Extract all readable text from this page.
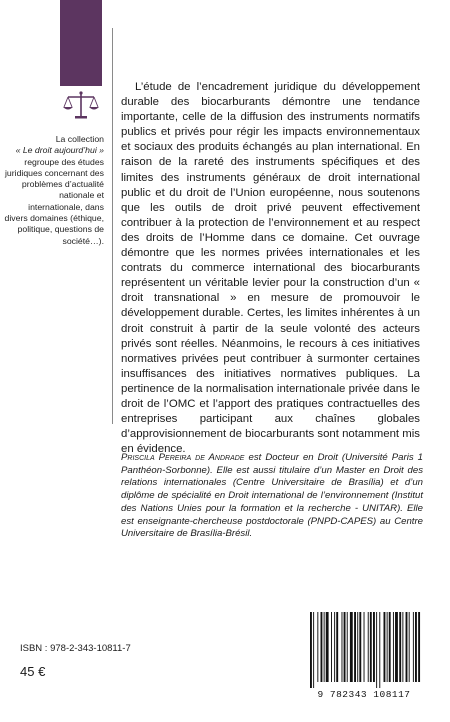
La collection
« Le droit aujourd’hui » regroupe des études juridiques concernant des problèmes d’actualité nationale et internationale, dans divers domaines (éthique, politique, questions de société…).

L’étude de l’encadrement juridique du développement durable des biocarburants démontre une tendance importante, celle de la diffusion des instruments normatifs publics et privés pour régir les impacts environnementaux et sociaux des produits échangés au plan international. En raison de la rareté des instruments spécifiques et des limites des instruments généraux de droit international public et du droit de l’Union européenne, nous soutenons que les outils de droit privé peuvent effectivement contribuer à la protection de l’environnement et au respect des droits de l’Homme dans ce domaine. Cet ouvrage démontre que les normes privées internationales et les contrats du commerce international des biocarburants représentent un véritable levier pour la construction d’un « droit transnational » en mesure de promouvoir le développement durable. Certes, les limites inhérentes à un droit construit à partir de la seule volonté des acteurs privés sont réelles. Néanmoins, le recours à ces initiatives normatives privées peut contribuer à surmonter certaines insuffisances des initiatives normatives publiques. La pertinence de la normalisation internationale privée dans le droit de l’OMC et l’apport des pratiques contractuelles des entreprises participant aux chaînes globales d’approvisionnement de biocarburants sont notamment mis en évidence.

Priscila Pereira de Andrade est Docteur en Droit (Université Paris 1 Panthéon-Sorbonne). Elle est aussi titulaire d’un Master en Droit des relations internationales (Centre Universitaire de Brasília) et d’un diplôme de spécialité en Droit international de l’environnement (Institut des Nations Unies pour la formation et la recherche - UNITAR). Elle est enseignante-chercheuse postdoctorale (PNPD-CAPES) au Centre Universitaire de Brasília-Brésil.

ISBN : 978-2-343-10811-7
45 €
9 782343 108117
